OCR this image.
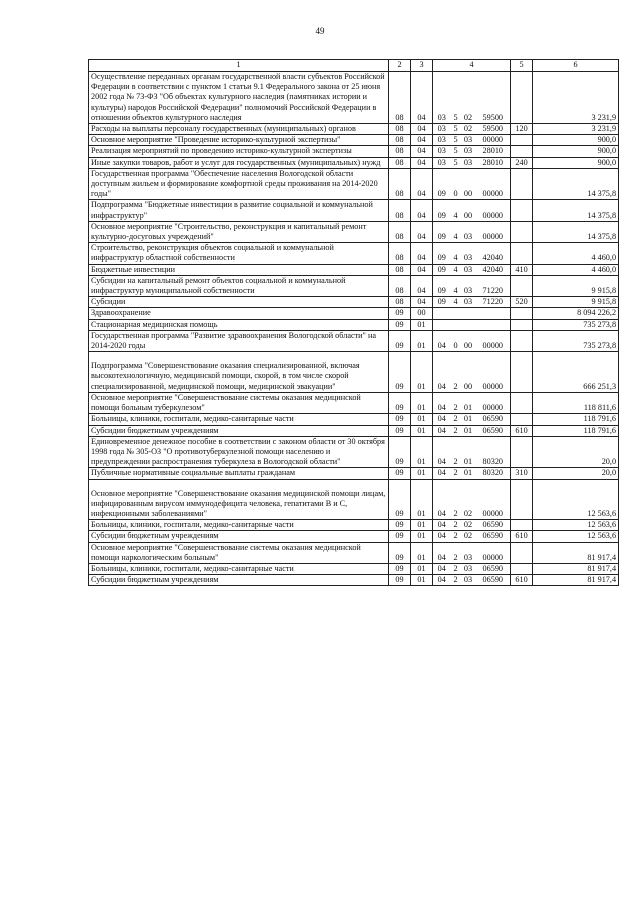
49
1	2	3	4				5	6
Осуществление переданных органам государственной власти субъектов Российской Федерации в соответствии с пунктом 1 статьи 9.1 Федерального закона от 25 июня 2002 года № 73-ФЗ "Об объектах культурного наследия (памятниках истории и культуры) народов Российской Федерации" полномочий Российской Федерации в отношении объектов культурного наследия	08	04	03	5	02	59500		3 231,9
Расходы на выплаты персоналу государственных (муниципальных) органов	08	04	03	5	02	59500	120	3 231,9
Основное мероприятие "Проведение историко-культурной экспертизы"	08	04	03	5	03	00000		900,0
Реализация мероприятий по проведению историко-культурной экспертизы	08	04	03	5	03	28010		900,0
Иные закупки товаров, работ и услуг для государственных (муниципальных) нужд	08	04	03	5	03	28010	240	900,0
Государственная программа "Обеспечение населения Вологодской области доступным жильем и формирование комфортной среды проживания на 2014-2020 годы"	08	04	09	0	00	00000		14 375,8
Подпрограмма "Бюджетные инвестиции в развитие социальной и коммунальной инфраструктур"	08	04	09	4	00	00000		14 375,8
Основное мероприятие "Строительство, реконструкция и капитальный ремонт культурно-досуговых учреждений"	08	04	09	4	03	00000		14 375,8
Строительство, реконструкция объектов социальной и коммунальной инфраструктур областной собственности	08	04	09	4	03	42040		4 460,0
Бюджетные инвестиции	08	04	09	4	03	42040	410	4 460,0
Субсидии на капитальный ремонт объектов социальной и коммунальной инфраструктур муниципальной собственности	08	04	09	4	03	71220		9 915,8
Субсидии	08	04	09	4	03	71220	520	9 915,8
Здравоохранение	09	00						8 094 226,2
Стационарная медицинская помощь	09	01						735 273,8
Государственная программа "Развитие здравоохранения Вологодской области" на 2014-2020 годы	09	01	04	0	00	00000		735 273,8
Подпрограмма "Совершенствование оказания специализированной, включая высокотехнологичную, медицинской помощи, скорой, в том числе скорой специализированной, медицинской помощи, медицинской эвакуации"	09	01	04	2	00	00000		666 251,3
Основное мероприятие "Совершенствование системы оказания медицинской помощи больным туберкулезом"	09	01	04	2	01	00000		118 811,6
Больницы, клиники, госпитали, медико-санитарные части	09	01	04	2	01	06590		118 791,6
Субсидии бюджетным учреждениям	09	01	04	2	01	06590	610	118 791,6
Единовременное денежное пособие в соответствии с законом области от 30 октября 1998 года № 305-ОЗ "О противотуберкулезной помощи населению и предупреждении распространения туберкулеза в Вологодской области"	09	01	04	2	01	80320		20,0
Публичные нормативные социальные выплаты гражданам	09	01	04	2	01	80320	310	20,0
Основное мероприятие "Совершенствование оказания медицинской помощи лицам, инфицированным вирусом иммунодефицита человека, гепатитами В и С, инфекционными заболеваниями"	09	01	04	2	02	00000		12 563,6
Больницы, клиники, госпитали, медико-санитарные части	09	01	04	2	02	06590		12 563,6
Субсидии бюджетным учреждениям	09	01	04	2	02	06590	610	12 563,6
Основное мероприятие "Совершенствование системы оказания медицинской помощи наркологическим больным"	09	01	04	2	03	00000		81 917,4
Больницы, клиники, госпитали, медико-санитарные части	09	01	04	2	03	06590		81 917,4
Субсидии бюджетным учреждениям	09	01	04	2	03	06590	610	81 917,4
